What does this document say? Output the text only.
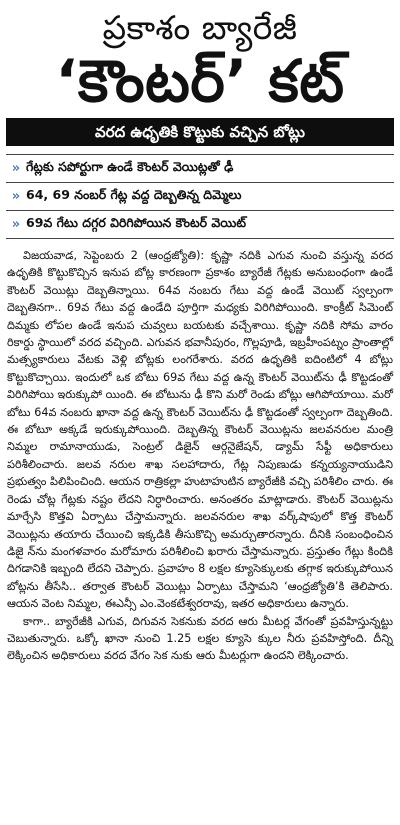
ప్రకాశం బ్యారేజీ
‘కౌంటర్’ కట్
వరద ఉధృతికి కొట్టుకు వచ్చిన బోట్లు
» గేట్లకు సపోర్టుగా ఉండే కౌంటర్ వెయిట్లతో ఢీ
» 64, 69 నంబర్ గేట్ల వద్ద దెబ్బతిన్న దిమ్మెలు
» 69వ గేటు దగ్గర విరిగిపోయిన కౌంటర్ వెయిట్

విజయవాడ, సెప్టెంబరు 2 (ఆంధ్రజ్యోతి): కృష్ణా నదికి ఎగువ నుంచి వస్తున్న వరద ఉధృతికి కొట్టుకొచ్చిన ఇనుప బోట్ల కారణంగా ప్రకాశం బ్యారేజీ గేట్లకు అనుబంధంగా ఉండే కౌంటర్ వెయిట్లు దెబ్బతిన్నాయి. 64వ నంబరు గేటు వద్ద ఉండే వెయిట్ స్వల్పంగా దెబ్బతినగా.. 69వ గేటు వద్ద ఉండేది పూర్తిగా మధ్యకు విరిగిపోయింది. కాంక్రీట్ సిమెంట్ దిమ్మకు లోపల ఉండే ఇనుప చువ్వలు బయటకు వచ్చేశాయి. కృష్ణా నదికి సోమ వారం రికార్డు స్థాయిలో వరద వచ్చింది. ఎగువన భవానీపురం, గొల్లపూడి, ఇబ్రహీంపట్నం ప్రాంతాల్లో మత్స్యకారులు వేటకు వెళ్లి బోట్లకు లంగరేశారు. వరద ఉధృతికి ఐదింటిలో 4 బోట్లు కొట్టుకొచ్చాయి. ఇందులో ఒక బోటు 69వ గేటు వద్ద ఉన్న కౌంటర్ వెయిట్‌ను ఢీ కొట్టడంతో విరిగిపోయి ఇరుక్కుపో యింది. ఈ బోటును ఢీ కొని మరో రెండు బోట్లు ఆగిపోయాయి. మరో బోటు 64వ నంబరు ఖానా వద్ద ఉన్న కౌంటర్ వెయిట్‌ను ఢీ కొట్టడంతో స్వల్పంగా దెబ్బతింది. ఈ బోటూ అక్కడే ఇరుక్కుపోయింది. దెబ్బతిన్న కౌంటర్ వెయిట్లను జలవనరుల మంత్రి నిమ్మల రామానాయుడు, సెంట్రల్ డిజైన్ ఆర్గనైజేషన్, డ్యామ్ సేఫ్టీ అధికారులు పరిశీలించారు. జలవ నరుల శాఖ సలహాదారు, గేట్ల నిపుణుడు కన్నయ్యనాయుడిని ప్రభుత్వం పిలిపించింది. ఆయన రాత్రికల్లా హుటాహుటిన బ్యారేజీకి వచ్చి పరిశీలిం చారు. ఈ రెండు చోట్ల గేట్లకు నష్టం లేదని నిర్ధారించారు. అనంతరం మాట్లాడారు. కౌంటర్ వెయిట్లను మార్చేసి కొత్తవి ఏర్పాటు చేస్తామన్నారు. జలవనరుల శాఖ వర్క్‌షాపులో కొత్త కౌంటర్ వెయిట్లను తయారు చేయించి ఇక్కడికి తీసుకొచ్చి అమర్చుతారన్నారు. దీనికి సంబంధించిన డిజై న్‌ను మంగళవారం మరోమారు పరిశీలించి ఖరారు చేస్తామన్నారు. ప్రస్తుతం గేట్లు కిందికి దిగడానికి ఇబ్బంది లేదని చెప్పారు. ప్రవాహం 8 లక్షల క్యూసెక్కులకు తగ్గాక ఇరుక్కుపోయిన బోట్లను తీసేసి.. తర్వాత కౌంటర్ వెయిట్లు ఏర్పాటు చేస్తామని ‘ఆంధ్రజ్యోతి’కి తెలిపారు. ఆయన వెంట నిమ్మల, ఈఎన్సీ ఎం.వెంకటేశ్వరరావు, ఇతర అధికారులు ఉన్నారు.

కాగా.. బ్యారేజీకి ఎగువ, దిగువన సెకనుకు వరద ఆరు మీటర్ల వేగంతో ప్రవహిస్తున్నట్టు చెబుతున్నారు. ఒక్కో ఖానా నుంచి 1.25 లక్షల క్యూసె క్కుల నీరు ప్రవహిస్తోంది. దీన్ని లెక్కించిన అధికారులు వరద వేగం సెక నుకు ఆరు మీటర్లుగా ఉందని లెక్కించారు.
